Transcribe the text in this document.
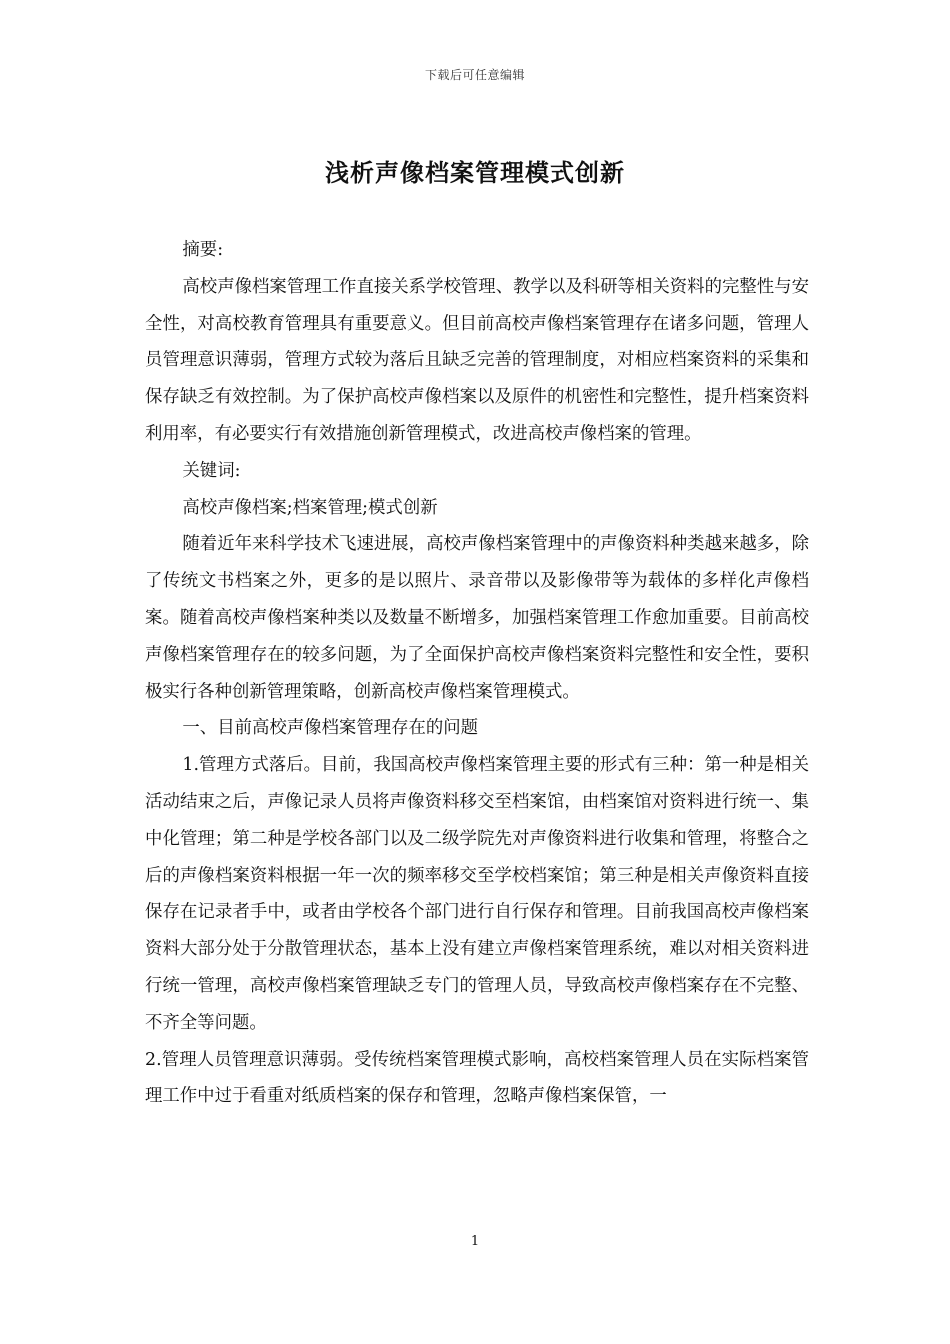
下载后可任意编辑
浅析声像档案管理模式创新

摘要:

高校声像档案管理工作直接关系学校管理、教学以及科研等相关资料的完整性与安全性，对高校教育管理具有重要意义。但目前高校声像档案管理存在诸多问题，管理人员管理意识薄弱，管理方式较为落后且缺乏完善的管理制度，对相应档案资料的采集和保存缺乏有效控制。为了保护高校声像档案以及原件的机密性和完整性，提升档案资料利用率，有必要实行有效措施创新管理模式，改进高校声像档案的管理。

关键词:

高校声像档案;档案管理;模式创新

随着近年来科学技术飞速进展，高校声像档案管理中的声像资料种类越来越多，除了传统文书档案之外，更多的是以照片、录音带以及影像带等为载体的多样化声像档案。随着高校声像档案种类以及数量不断增多，加强档案管理工作愈加重要。目前高校声像档案管理存在的较多问题，为了全面保护高校声像档案资料完整性和安全性，要积极实行各种创新管理策略，创新高校声像档案管理模式。

一、目前高校声像档案管理存在的问题

1.管理方式落后。目前，我国高校声像档案管理主要的形式有三种：第一种是相关活动结束之后，声像记录人员将声像资料移交至档案馆，由档案馆对资料进行统一、集中化管理；第二种是学校各部门以及二级学院先对声像资料进行收集和管理，将整合之后的声像档案资料根据一年一次的频率移交至学校档案馆；第三种是相关声像资料直接保存在记录者手中，或者由学校各个部门进行自行保存和管理。目前我国高校声像档案资料大部分处于分散管理状态，基本上没有建立声像档案管理系统，难以对相关资料进行统一管理，高校声像档案管理缺乏专门的管理人员，导致高校声像档案存在不完整、不齐全等问题。

2.管理人员管理意识薄弱。受传统档案管理模式影响，高校档案管理人员在实际档案管理工作中过于看重对纸质档案的保存和管理，忽略声像档案保管，一

1
